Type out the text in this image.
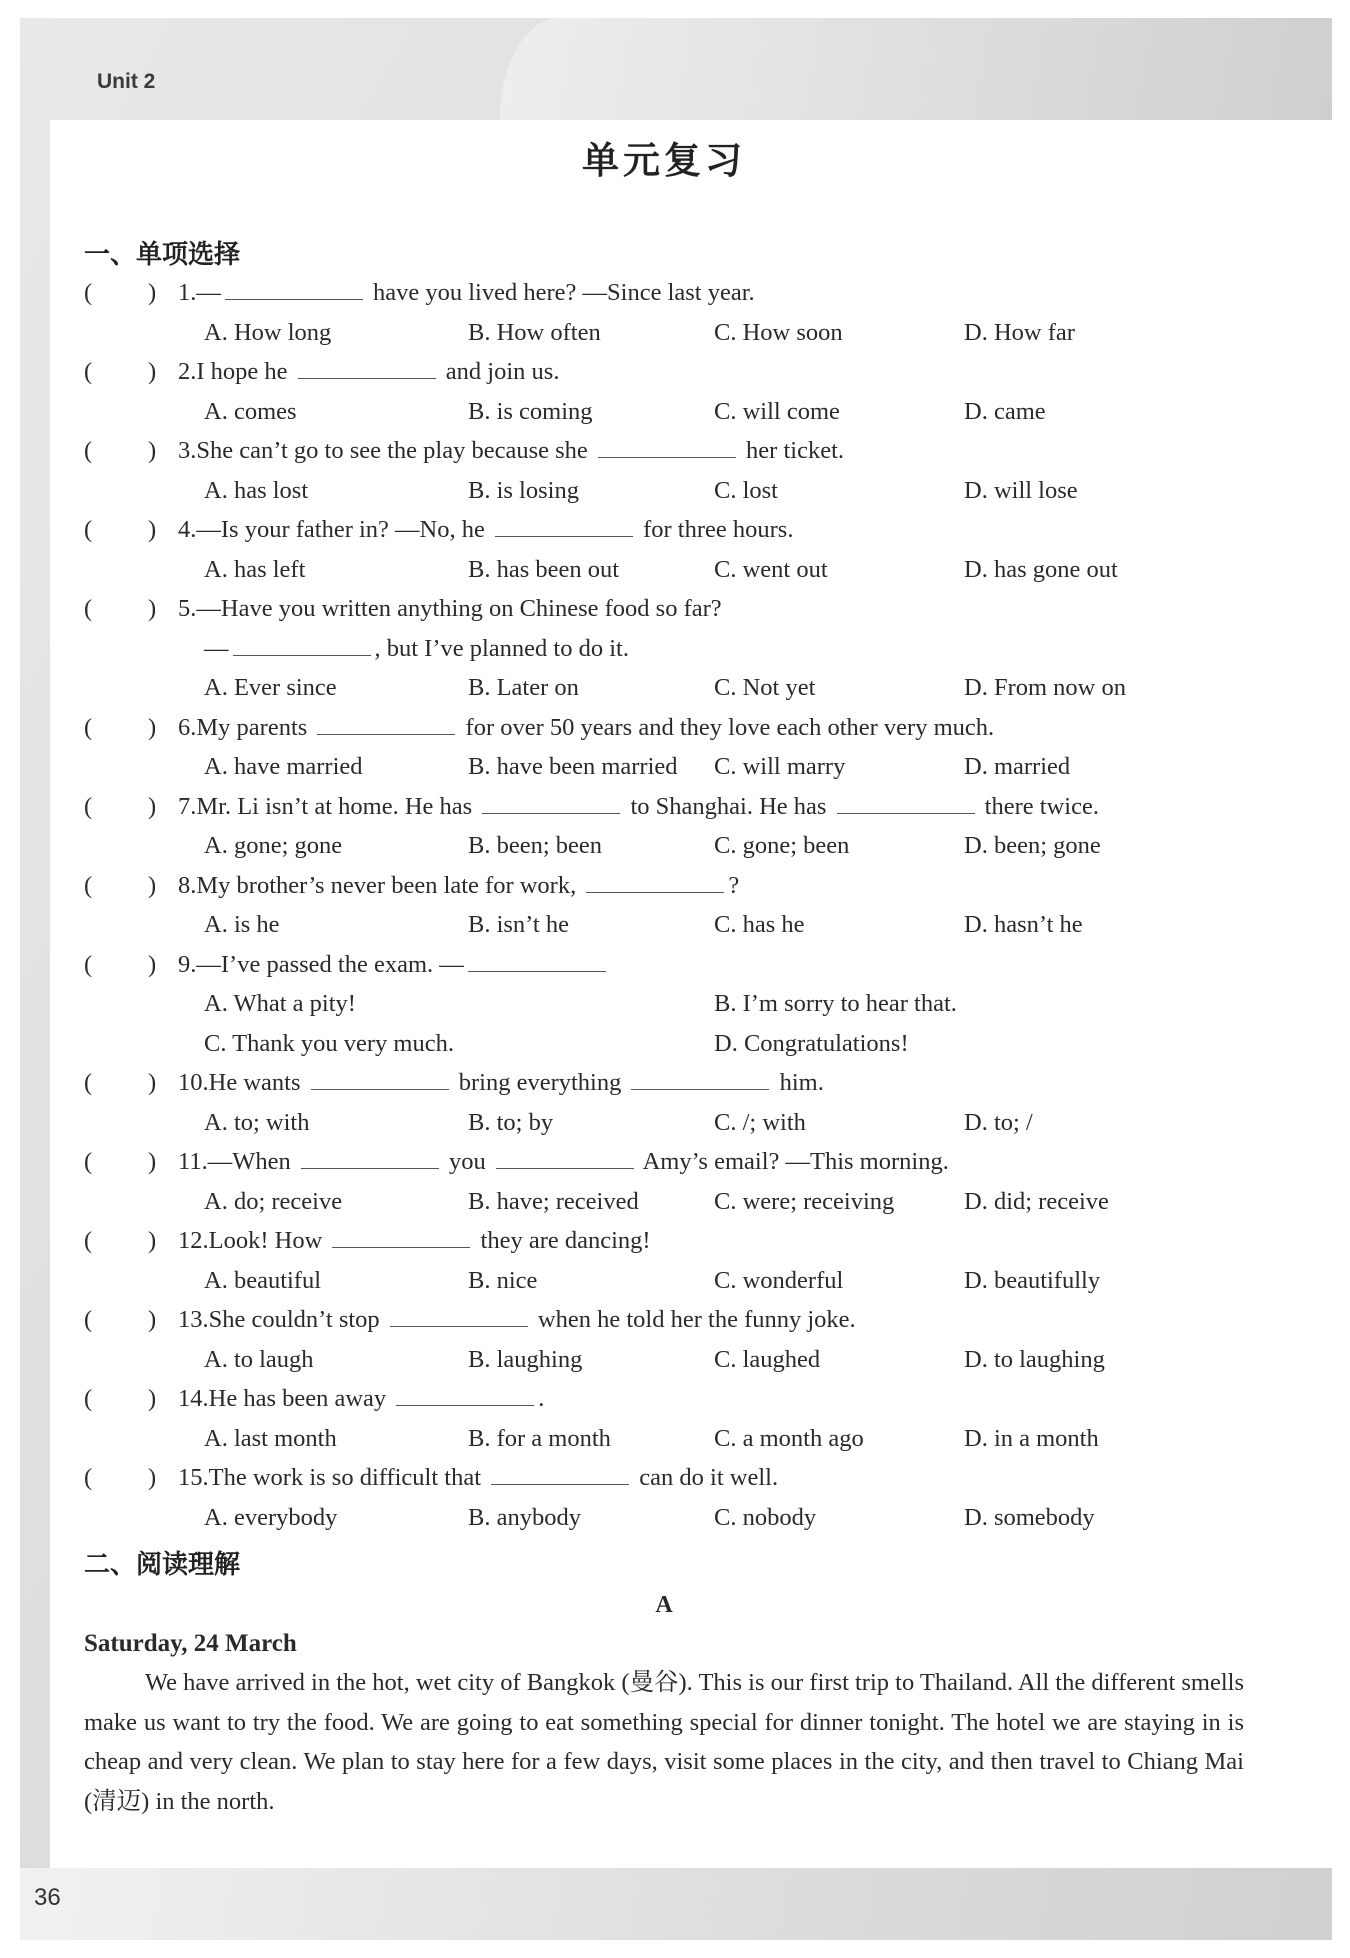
Unit 2
单元复习
一、单项选择
( ) 1.—	have you lived here? —Since last year.
A. How long	B. How often	C. How soon	D. How far
( ) 2.I hope he	and join us.
A. comes	B. is coming	C. will come	D. came
( ) 3.She can’t go to see the play because she	her ticket.
A. has lost	B. is losing	C. lost	D. will lose
( ) 4.—Is your father in? —No, he	for three hours.
A. has left	B. has been out	C. went out	D. has gone out
( ) 5.—Have you written anything on Chinese food so far?
—	, but I’ve planned to do it.
A. Ever since	B. Later on	C. Not yet	D. From now on
( ) 6.My parents	for over 50 years and they love each other very much.
A. have married	B. have been married C. will marry	D. married
( ) 7.Mr. Li isn’t at home. He has	to Shanghai. He has	there twice.
A. gone; gone	B. been; been	C. gone; been	D. been; gone
( ) 8.My brother’s never been late for work,	?
A. is he	B. isn’t he	C. has he	D. hasn’t he
( ) 9.—I’ve passed the exam. —
A. What a pity!	B. I’m sorry to hear that.
C. Thank you very much.	D. Congratulations!
( ) 10.He wants	bring everything	him.
A. to; with	B. to; by	C. /; with	D. to; /
( ) 11.—When	you	Amy’s email? —This morning.
A. do; receive	B. have; received	C. were; receiving	D. did; receive
( ) 12.Look! How	they are dancing!
A. beautiful	B. nice	C. wonderful	D. beautifully
( ) 13.She couldn’t stop	when he told her the funny joke.
A. to laugh	B. laughing	C. laughed	D. to laughing
( ) 14.He has been away	.
A. last month	B. for a month	C. a month ago	D. in a month
( ) 15.The work is so difficult that	can do it well.
A. everybody	B. anybody	C. nobody	D. somebody
二、阅读理解
A
Saturday, 24 March

We have arrived in the hot, wet city of Bangkok (曼谷). This is our first trip to Thailand. All the different smells make us want to try the food. We are going to eat something special for dinner tonight. The hotel we are staying in is cheap and very clean. We plan to stay here for a few days, visit some places in the city, and then travel to Chiang Mai (清迈) in the north.

36
